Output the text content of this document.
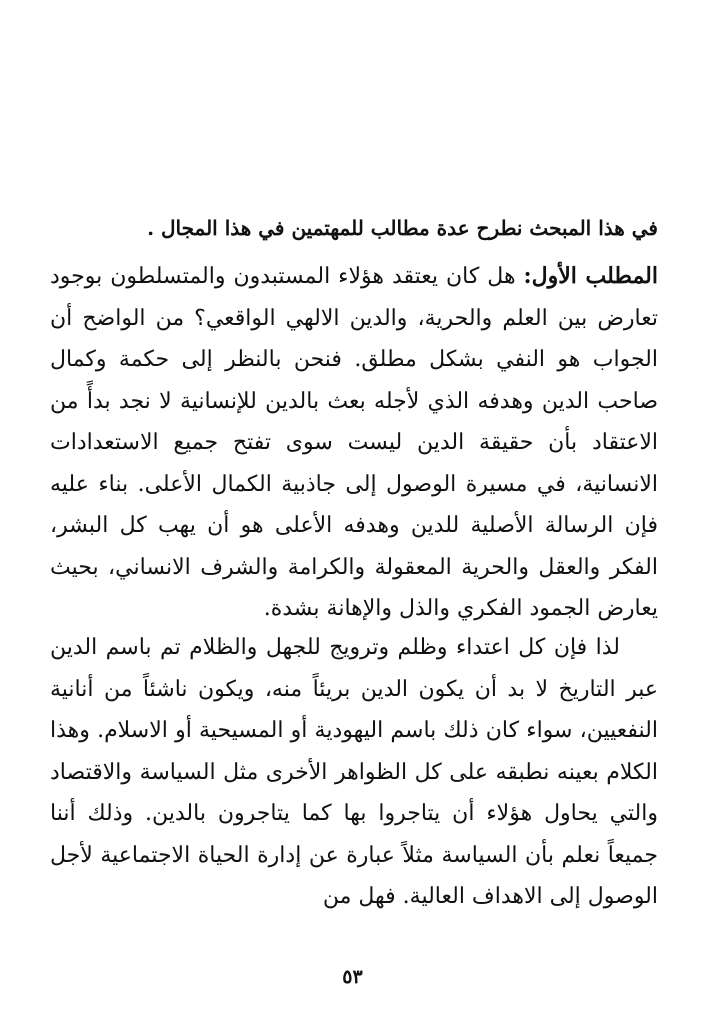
في هذا المبحث نطرح عدة مطالب للمهتمين في هذا المجال .
المطلب الأول: هل كان يعتقد هؤلاء المستبدون والمتسلطون بوجود تعارض بين العلم والحرية، والدين الالهي الواقعي؟ من الواضح أن الجواب هو النفي بشكل مطلق. فنحن بالنظر إلى حكمة وكمال صاحب الدين وهدفه الذي لأجله بعث بالدين للإنسانية لا نجد بدأً من الاعتقاد بأن حقيقة الدين ليست سوى تفتح جميع الاستعدادات الانسانية، في مسيرة الوصول إلى جاذبية الكمال الأعلى. بناء عليه فإن الرسالة الأصلية للدين وهدفه الأعلى هو أن يهب كل البشر، الفكر والعقل والحرية المعقولة والكرامة والشرف الانساني، بحيث يعارض الجمود الفكري والذل والإهانة بشدة.
لذا فإن كل اعتداء وظلم وترويج للجهل والظلام تم باسم الدين عبر التاريخ لا بد أن يكون الدين بريئاً منه، ويكون ناشئاً من أنانية النفعيين، سواء كان ذلك باسم اليهودية أو المسيحية أو الاسلام. وهذا الكلام بعينه نطبقه على كل الظواهر الأخرى مثل السياسة والاقتصاد والتي يحاول هؤلاء أن يتاجروا بها كما يتاجرون بالدين. وذلك أننا جميعاً نعلم بأن السياسة مثلاً عبارة عن إدارة الحياة الاجتماعية لأجل الوصول إلى الاهداف العالية. فهل من
٥٣
